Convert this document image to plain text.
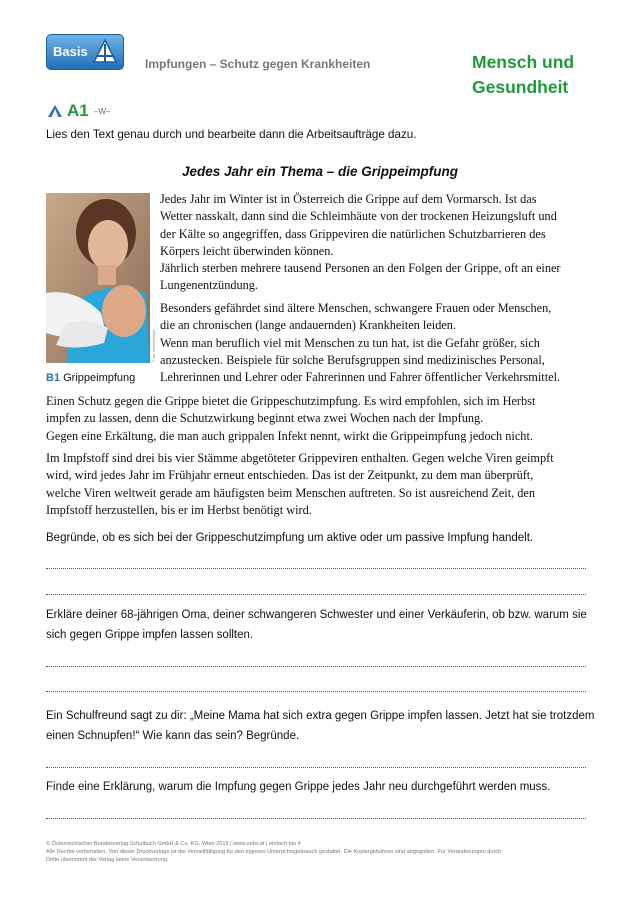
Basis
Impfungen – Schutz gegen Krankheiten	Mensch und
Gesundheit
A1 –W–
Lies den Text genau durch und bearbeite dann die Arbeitsaufträge dazu.
Jedes Jahr ein Thema – die Grippeimpfung
Foto: fotolia/Maya
B1 Grippeimpfung
Jedes Jahr im Winter ist in Österreich die Grippe auf dem Vormarsch. Ist das
Wetter nasskalt, dann sind die Schleimhäute von der trockenen Heizungsluft und
der Kälte so angegriffen, dass Grippeviren die natürlichen Schutzbarrieren des
Körpers leicht überwinden können.
Jährlich sterben mehrere tausend Personen an den Folgen der Grippe, oft an einer
Lungenentzündung.
Besonders gefährdet sind ältere Menschen, schwangere Frauen oder Menschen,
die an chronischen (lange andauernden) Krankheiten leiden.
Wenn man beruflich viel mit Menschen zu tun hat, ist die Gefahr größer, sich
anzustecken. Beispiele für solche Berufsgruppen sind medizinisches Personal,
Lehrerinnen und Lehrer oder Fahrerinnen und Fahrer öffentlicher Verkehrsmittel.
Einen Schutz gegen die Grippe bietet die Grippeschutzimpfung. Es wird empfohlen, sich im Herbst
impfen zu lassen, denn die Schutzwirkung beginnt etwa zwei Wochen nach der Impfung.
Gegen eine Erkältung, die man auch grippalen Infekt nennt, wirkt die Grippeimpfung jedoch nicht.
Im Impfstoff sind drei bis vier Stämme abgetöteter Grippeviren enthalten. Gegen welche Viren geimpft
wird, wird jedes Jahr im Frühjahr erneut entschieden. Das ist der Zeitpunkt, zu dem man überprüft,
welche Viren weltweit gerade am häufigsten beim Menschen auftreten. So ist ausreichend Zeit, den
Impfstoff herzustellen, bis er im Herbst benötigt wird.
Begründe, ob es sich bei der Grippeschutzimpfung um aktive oder um passive Impfung handelt.
Erkläre deiner 68-jährigen Oma, deiner schwangeren Schwester und einer Verkäuferin, ob bzw. warum sie sich gegen Grippe impfen lassen sollten.
Ein Schulfreund sagt zu dir: „Meine Mama hat sich extra gegen Grippe impfen lassen. Jetzt hat sie trotzdem einen Schnupfen!“ Wie kann das sein? Begründe.
Finde eine Erklärung, warum die Impfung gegen Grippe jedes Jahr neu durchgeführt werden muss.
© Österreichischer Bundesverlag Schulbuch GmbH & Co. KG, Wien 2019 | www.oebv.at | einfach bio 4
Alle Rechte vorbehalten. Von dieser Druckvorlage ist die Vervielfältigung für den eigenen Unterrichtsgebrauch gestattet. Die Kopiergebühren sind abgegolten. Für Veränderungen durch
Dritte übernimmt der Verlag keine Verantwortung.
